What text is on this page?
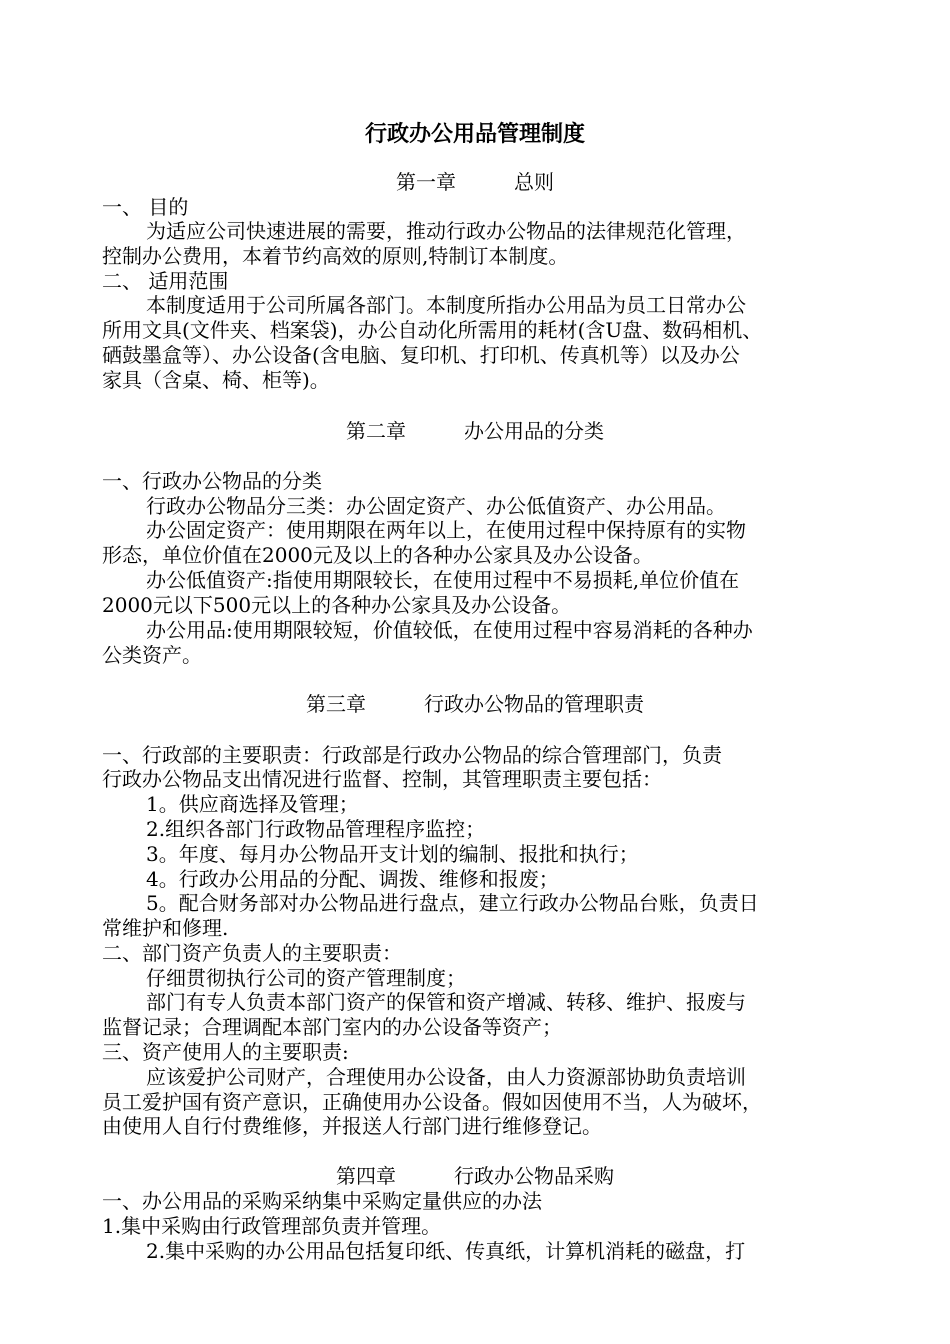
行政办公用品管理制度
第一章	总则
一、 目的
为适应公司快速进展的需要，推动行政办公物品的法律规范化管理，
控制办公费用，本着节约高效的原则,特制订本制度。
二、 适用范围
本制度适用于公司所属各部门。本制度所指办公用品为员工日常办公
所用文具(文件夹、档案袋)，办公自动化所需用的耗材(含U盘、数码相机、
硒鼓墨盒等）、办公设备(含电脑、复印机、打印机、传真机等）以及办公
家具（含桌、椅、柜等)。
第二章	办公用品的分类
一、行政办公物品的分类
行政办公物品分三类：办公固定资产、办公低值资产、办公用品。
办公固定资产：使用期限在两年以上，在使用过程中保持原有的实物
形态，单位价值在2000元及以上的各种办公家具及办公设备。
办公低值资产:指使用期限较长，在使用过程中不易损耗,单位价值在
2000元以下500元以上的各种办公家具及办公设备。
办公用品:使用期限较短，价值较低，在使用过程中容易消耗的各种办
公类资产。
第三章	行政办公物品的管理职责
一、行政部的主要职责：行政部是行政办公物品的综合管理部门，负责
行政办公物品支出情况进行监督、控制，其管理职责主要包括：
1。供应商选择及管理；
2.组织各部门行政物品管理程序监控；
3。年度、每月办公物品开支计划的编制、报批和执行；
4。行政办公用品的分配、调拨、维修和报废；
5。配合财务部对办公物品进行盘点，建立行政办公物品台账，负责日
常维护和修理.
二、部门资产负责人的主要职责：
仔细贯彻执行公司的资产管理制度；
部门有专人负责本部门资产的保管和资产增减、转移、维护、报废与
监督记录；合理调配本部门室内的办公设备等资产；
三、资产使用人的主要职责:
应该爱护公司财产，合理使用办公设备，由人力资源部协助负责培训
员工爱护国有资产意识，正确使用办公设备。假如因使用不当，人为破坏，
由使用人自行付费维修，并报送人行部门进行维修登记。
第四章	行政办公物品采购
一、办公用品的采购采纳集中采购定量供应的办法
1.集中采购由行政管理部负责并管理。
2.集中采购的办公用品包括复印纸、传真纸，计算机消耗的磁盘，打
